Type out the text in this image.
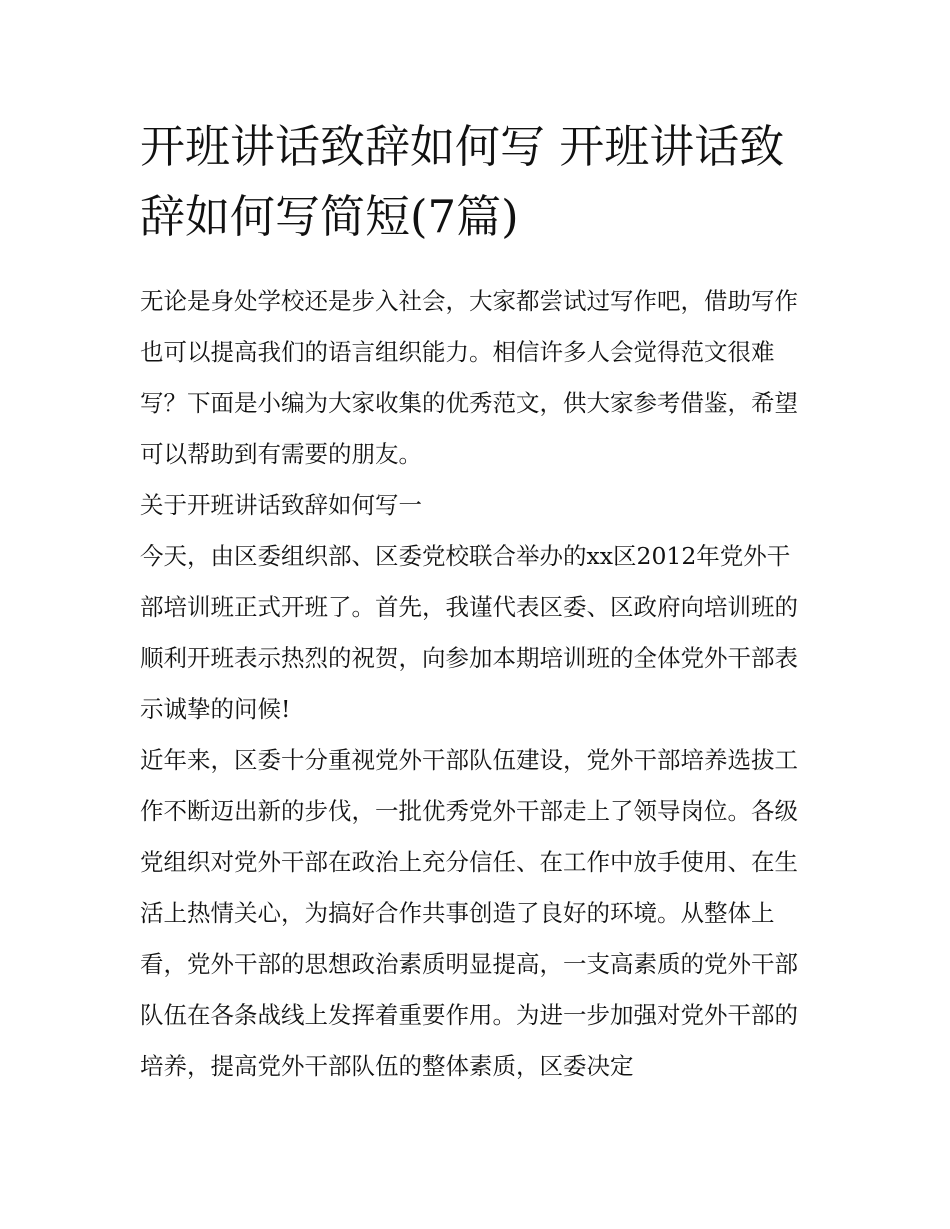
开班讲话致辞如何写 开班讲话致辞如何写简短(7篇)

无论是身处学校还是步入社会，大家都尝试过写作吧，借助写作也可以提高我们的语言组织能力。相信许多人会觉得范文很难写？下面是小编为大家收集的优秀范文，供大家参考借鉴，希望可以帮助到有需要的朋友。

关于开班讲话致辞如何写一

今天，由区委组织部、区委党校联合举办的xx区2012年党外干部培训班正式开班了。首先，我谨代表区委、区政府向培训班的顺利开班表示热烈的祝贺，向参加本期培训班的全体党外干部表示诚挚的问候!

近年来，区委十分重视党外干部队伍建设，党外干部培养选拔工作不断迈出新的步伐，一批优秀党外干部走上了领导岗位。各级党组织对党外干部在政治上充分信任、在工作中放手使用、在生活上热情关心，为搞好合作共事创造了良好的环境。从整体上看，党外干部的思想政治素质明显提高，一支高素质的党外干部队伍在各条战线上发挥着重要作用。为进一步加强对党外干部的培养，提高党外干部队伍的整体素质，区委决定
